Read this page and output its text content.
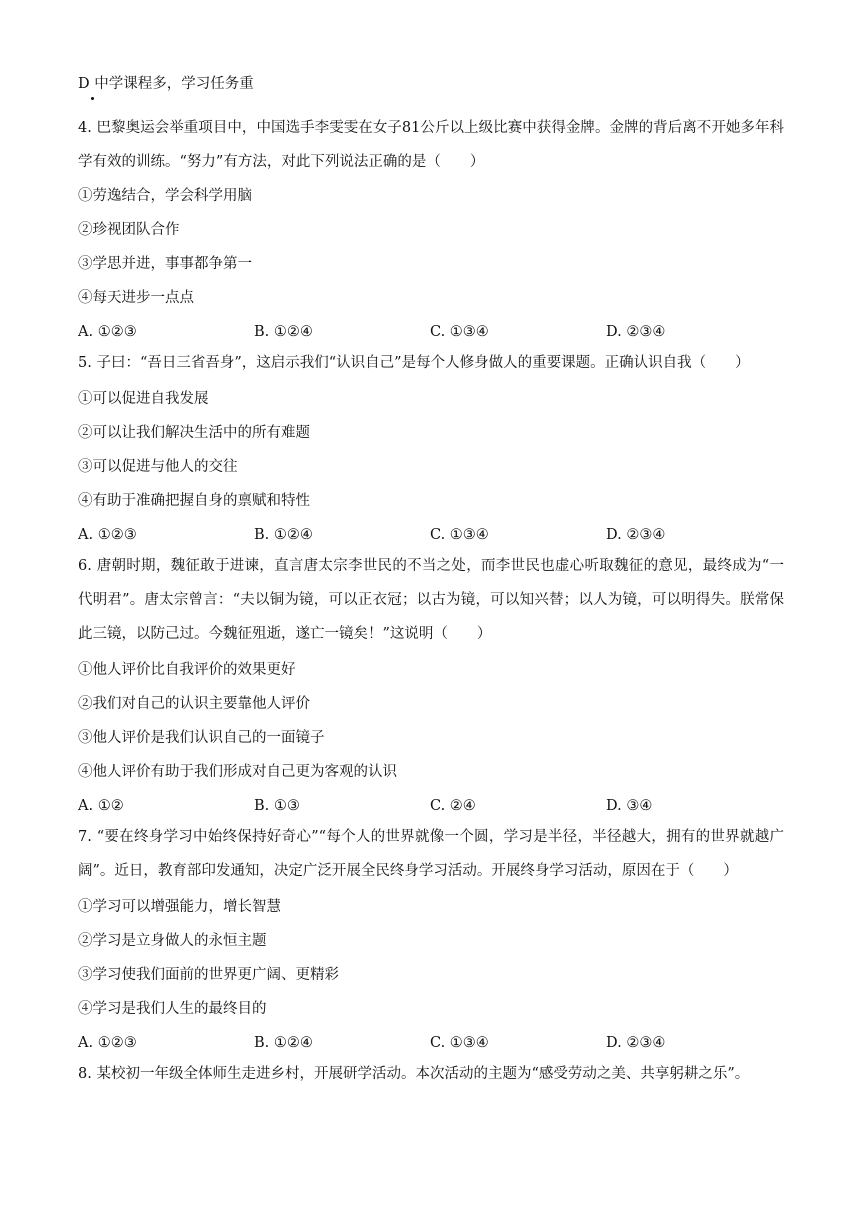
D 中学课程多，学习任务重
4. 巴黎奥运会举重项目中，中国选手李雯雯在女子81公斤以上级比赛中获得金牌。金牌的背后离不开她多年科学有效的训练。“努力”有方法，对此下列说法正确的是（　　）
①劳逸结合，学会科学用脑
②珍视团队合作
③学思并进，事事都争第一
④每天进步一点点
A. ①②③	B. ①②④	C. ①③④	D. ②③④
5. 子曰：“吾日三省吾身”，这启示我们“认识自己”是每个人修身做人的重要课题。正确认识自我（　　）
①可以促进自我发展
②可以让我们解决生活中的所有难题
③可以促进与他人的交往
④有助于准确把握自身的禀赋和特性
A. ①②③	B. ①②④	C. ①③④	D. ②③④
6. 唐朝时期，魏征敢于进谏，直言唐太宗李世民的不当之处，而李世民也虚心听取魏征的意见，最终成为“一代明君”。唐太宗曾言：“夫以铜为镜，可以正衣冠；以古为镜，可以知兴替；以人为镜，可以明得失。朕常保此三镜，以防己过。今魏征殂逝，遂亡一镜矣！”这说明（　　）
①他人评价比自我评价的效果更好
②我们对自己的认识主要靠他人评价
③他人评价是我们认识自己的一面镜子
④他人评价有助于我们形成对自己更为客观的认识
A. ①②	B. ①③	C. ②④	D. ③④
7. “要在终身学习中始终保持好奇心”“每个人的世界就像一个圆，学习是半径，半径越大，拥有的世界就越广阔”。近日，教育部印发通知，决定广泛开展全民终身学习活动。开展终身学习活动，原因在于（　　）
①学习可以增强能力，增长智慧
②学习是立身做人的永恒主题
③学习使我们面前的世界更广阔、更精彩
④学习是我们人生的最终目的
A. ①②③	B. ①②④	C. ①③④	D. ②③④
8. 某校初一年级全体师生走进乡村，开展研学活动。本次活动的主题为“感受劳动之美、共享躬耕之乐”。
